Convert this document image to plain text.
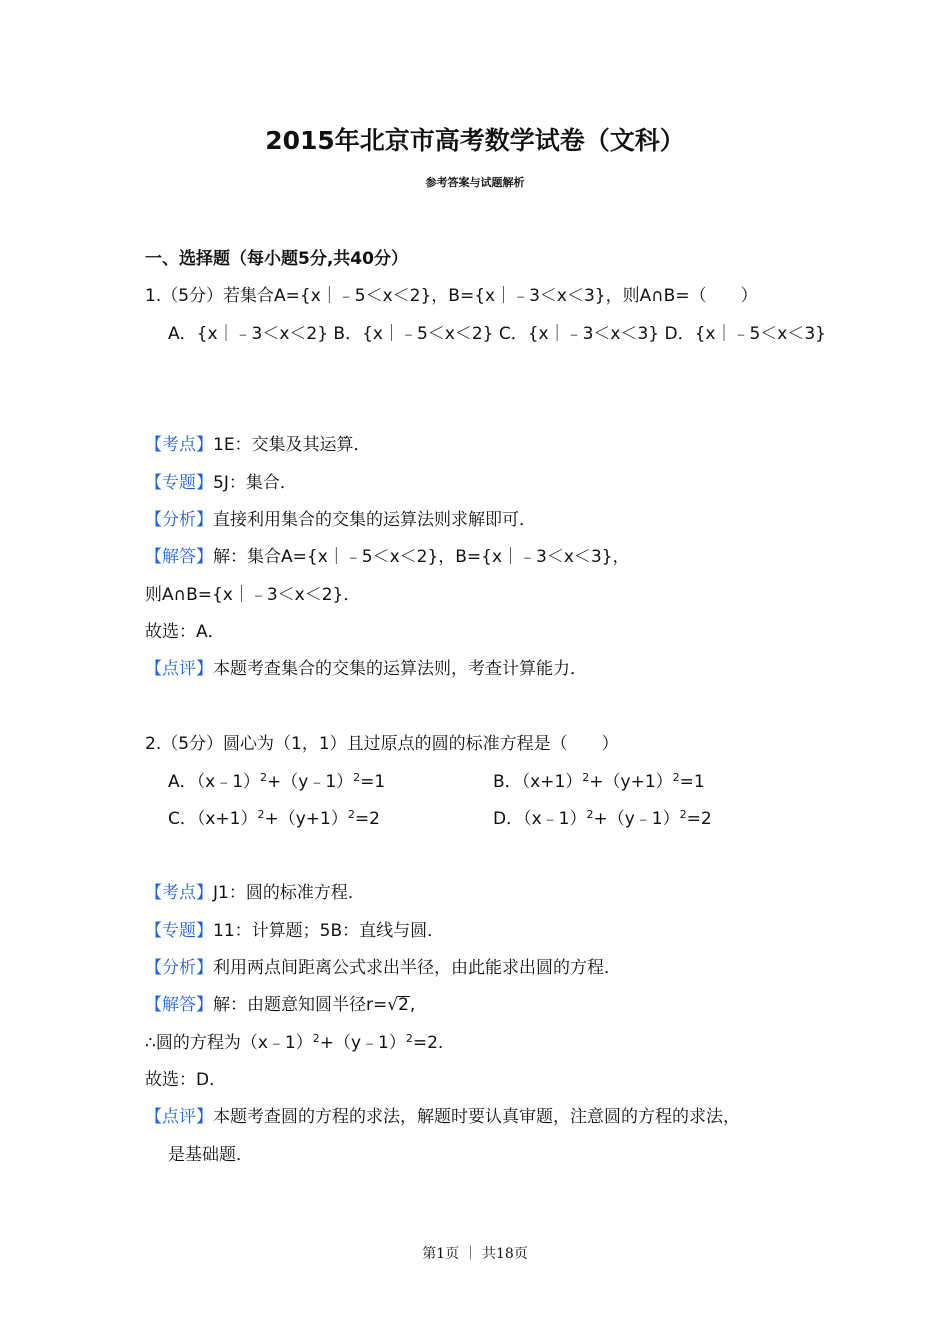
2015年北京市高考数学试卷（文科）
参考答案与试题解析
一、选择题（每小题5分,共40分）
1.（5分）若集合A={x｜﹣5＜x＜2}，B={x｜﹣3＜x＜3}，则A∩B=（　　）
A．{x｜﹣3＜x＜2} B．{x｜﹣5＜x＜2} C．{x｜﹣3＜x＜3} D．{x｜﹣5＜x＜3}
【考点】1E：交集及其运算．
【专题】5J：集合．
【分析】直接利用集合的交集的运算法则求解即可．
【解答】解：集合A={x｜﹣5＜x＜2}，B={x｜﹣3＜x＜3}，
则A∩B={x｜﹣3＜x＜2}．
故选：A．
【点评】本题考查集合的交集的运算法则，考查计算能力．
2.（5分）圆心为（1，1）且过原点的圆的标准方程是（　　）
A．（x﹣1）$^2$+（y﹣1）$^2$=1	B．$(x+1)^2+(y+1)^2=1$
C．$(x+1)^2+(y+1)^2=2$	D．（x﹣1）$^2$+（y﹣1）$^2$=2
【考点】J1：圆的标准方程．
【专题】11：计算题；5B：直线与圆．
【分析】利用两点间距离公式求出半径，由此能求出圆的方程．
【解答】解：由题意知圆半径r=√2,
∴圆的方程为（x﹣1）$^2$+（y﹣1）$^2$=2.
故选：D．
【点评】本题考查圆的方程的求法，解题时要认真审题，注意圆的方程的求法，
是基础题．
第1页 ｜ 共18页
